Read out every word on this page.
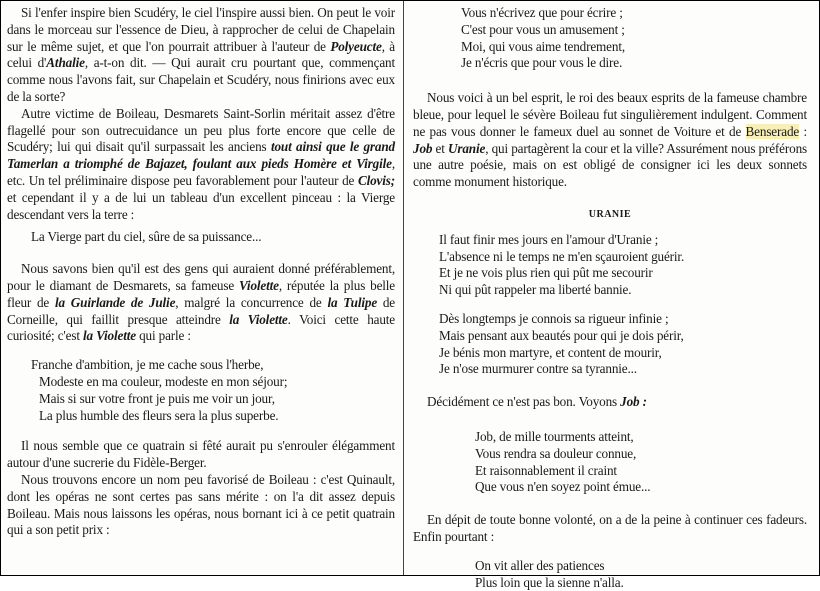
Si l'enfer inspire bien Scudéry, le ciel l'inspire aussi bien. On peut le voir dans le morceau sur l'essence de Dieu, à rapprocher de celui de Chapelain sur le même sujet, et que l'on pourrait attribuer à l'auteur de Polyeucte, à celui d'Athalie, a-t-on dit. — Qui aurait cru pourtant que, commençant comme nous l'avons fait, sur Chapelain et Scudéry, nous finirions avec eux de la sorte?

Autre victime de Boileau, Desmarets Saint-Sorlin méritait assez d'être flagellé pour son outrecuidance un peu plus forte encore que celle de Scudéry; lui qui disait qu'il surpassait les anciens tout ainsi que le grand Tamerlan a triomphé de Bajazet, foulant aux pieds Homère et Virgile, etc. Un tel préliminaire dispose peu favorablement pour l'auteur de Clovis; et cependant il y a de lui un tableau d'un excellent pinceau : la Vierge descendant vers la terre :

La Vierge part du ciel, sûre de sa puissance...

Nous savons bien qu'il est des gens qui auraient donné préférablement, pour le diamant de Desmarets, sa fameuse Violette, réputée la plus belle fleur de la Guirlande de Julie, malgré la concurrence de la Tulipe de Corneille, qui faillit presque atteindre la Violette. Voici cette haute curiosité; c'est la Violette qui parle :

Franche d'ambition, je me cache sous l'herbe,

Modeste en ma couleur, modeste en mon séjour;

Mais si sur votre front je puis me voir un jour,

La plus humble des fleurs sera la plus superbe.

Il nous semble que ce quatrain si fêté aurait pu s'enrouler élégamment autour d'une sucrerie du Fidèle-Berger.

Nous trouvons encore un nom peu favorisé de Boileau : c'est Quinault, dont les opéras ne sont certes pas sans mérite : on l'a dit assez depuis Boileau. Mais nous laissons les opéras, nous bornant ici à ce petit quatrain qui a son petit prix :

Vous n'écrivez que pour écrire ;

C'est pour vous un amusement ;

Moi, qui vous aime tendrement,

Je n'écris que pour vous le dire.

Nous voici à un bel esprit, le roi des beaux esprits de la fameuse chambre bleue, pour lequel le sévère Boileau fut singulièrement indulgent. Comment ne pas vous donner le fameux duel au sonnet de Voiture et de Benserade : Job et Uranie, qui partagèrent la cour et la ville? Assurément nous préférons une autre poésie, mais on est obligé de consigner ici les deux sonnets comme monument historique.

URANIE

Il faut finir mes jours en l'amour d'Uranie ;

L'absence ni le temps ne m'en sçauroient guérir.

Et je ne vois plus rien qui pût me secourir

Ni qui pût rappeler ma liberté bannie.

Dès longtemps je connois sa rigueur infinie ;

Mais pensant aux beautés pour qui je dois périr,

Je bénis mon martyre, et content de mourir,

Je n'ose murmurer contre sa tyrannie...

Décidément ce n'est pas bon. Voyons Job :

Job, de mille tourments atteint,

Vous rendra sa douleur connue,

Et raisonnablement il craint

Que vous n'en soyez point émue...

En dépit de toute bonne volonté, on a de la peine à continuer ces fadeurs. Enfin pourtant :

On vit aller des patiences

Plus loin que la sienne n'alla.
